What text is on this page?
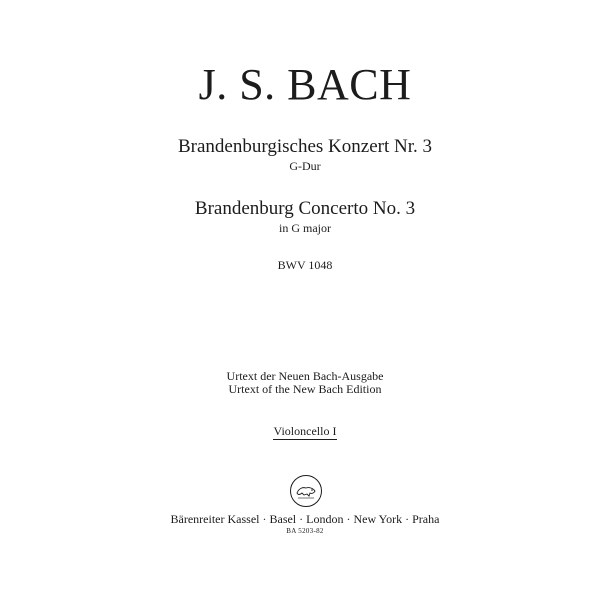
J. S. BACH
Brandenburgisches Konzert Nr. 3
G-Dur
Brandenburg Concerto No. 3
in G major
BWV 1048
Urtext der Neuen Bach-Ausgabe
Urtext of the New Bach Edition
Violoncello I
Bärenreiter Kassel · Basel · London · New York · Praha
BA 5203-82
